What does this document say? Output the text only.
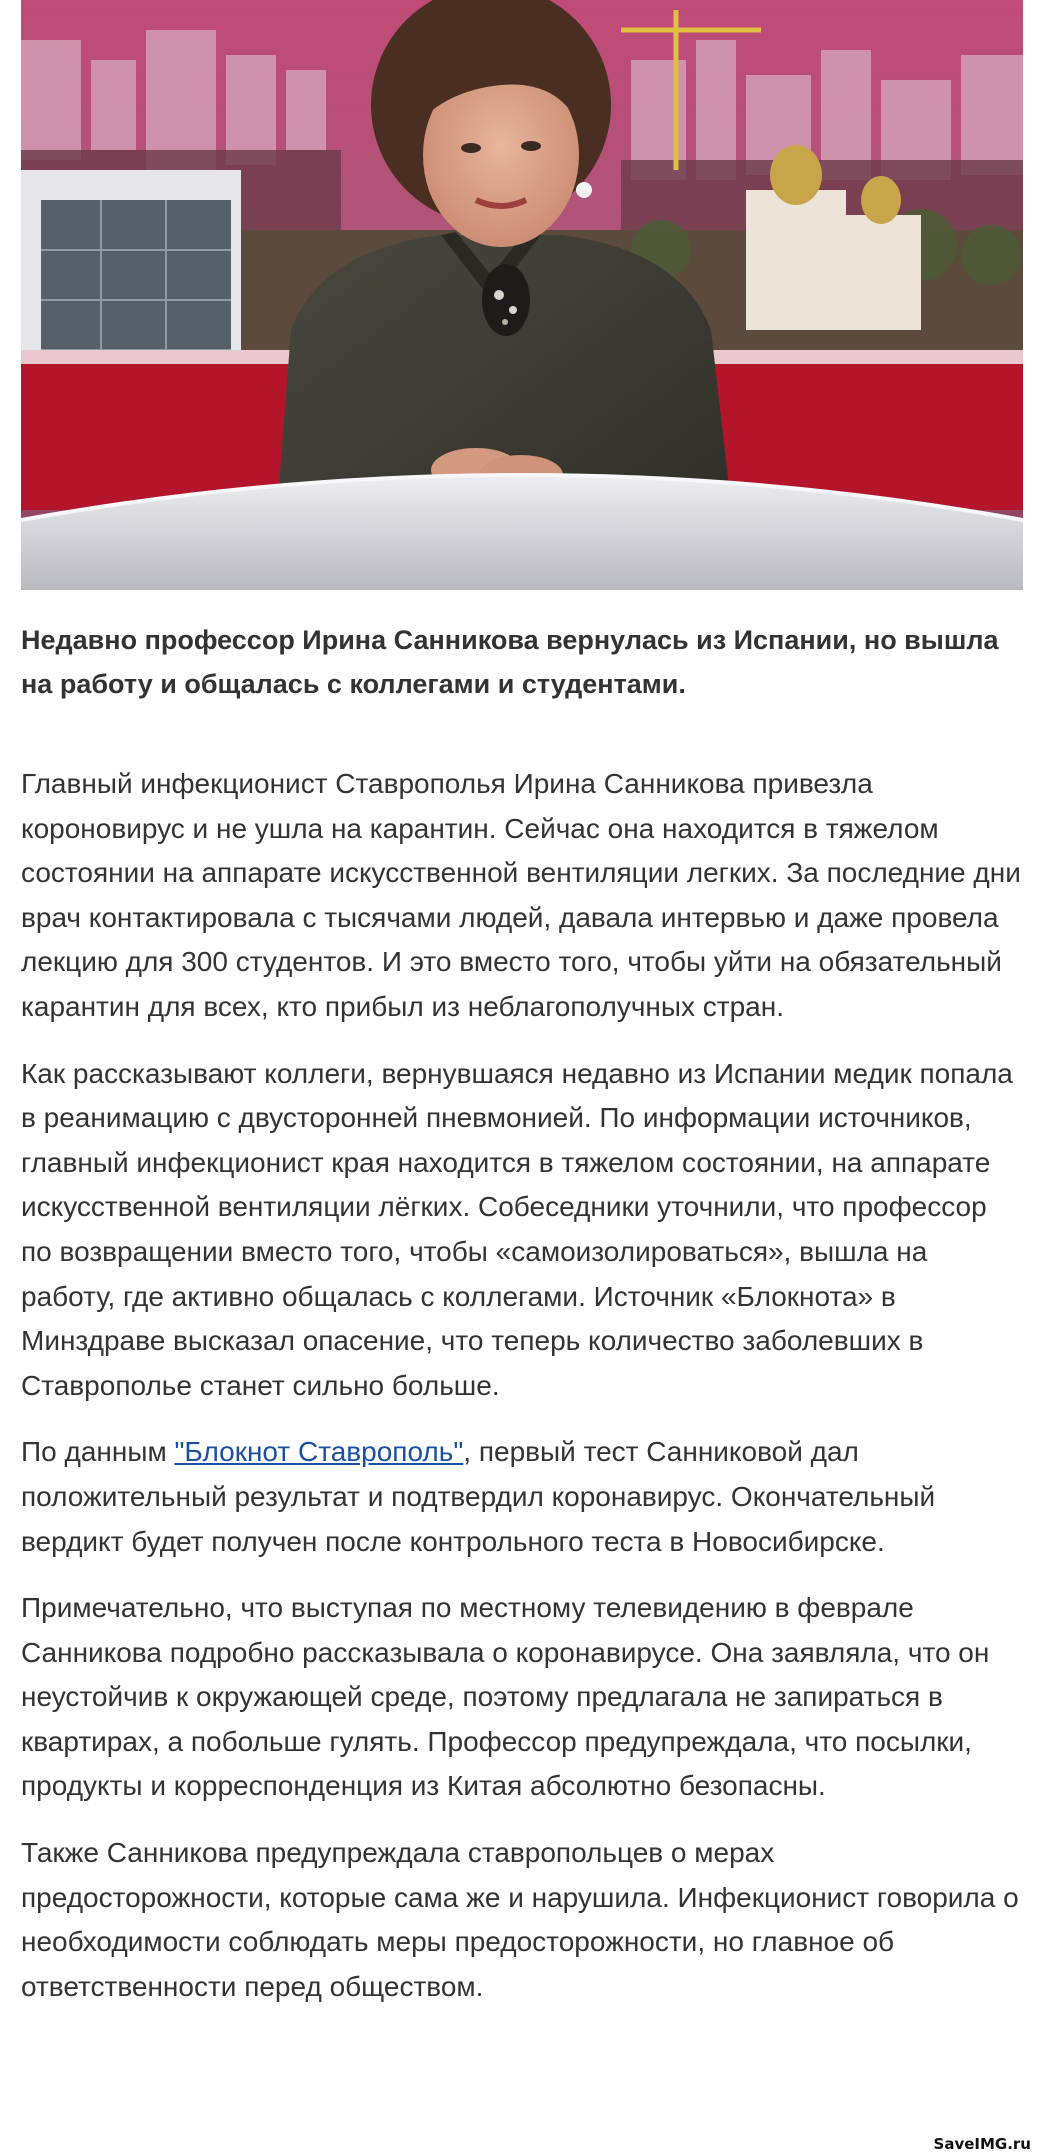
Недавно профессор Ирина Санникова вернулась из Испании, но вышла на работу и общалась с коллегами и студентами.

Главный инфекционист Ставрополья Ирина Санникова привезла короновирус и не ушла на карантин. Сейчас она находится в тяжелом состоянии на аппарате искусственной вентиляции легких. За последние дни врач контактировала с тысячами людей, давала интервью и даже провела лекцию для 300 студентов. И это вместо того, чтобы уйти на обязательный карантин для всех, кто прибыл из неблагополучных стран.

Как рассказывают коллеги, вернувшаяся недавно из Испании медик попала в реанимацию с двусторонней пневмонией. По информации источников, главный инфекционист края находится в тяжелом состоянии, на аппарате искусственной вентиляции лёгких. Собеседники уточнили, что профессор по возвращении вместо того, чтобы «самоизолироваться», вышла на работу, где активно общалась с коллегами. Источник «Блокнота» в Минздраве высказал опасение, что теперь количество заболевших в Ставрополье станет сильно больше.

По данным "Блокнот Ставрополь", первый тест Санниковой дал положительный результат и подтвердил коронавирус. Окончательный вердикт будет получен после контрольного теста в Новосибирске.

Примечательно, что выступая по местному телевидению в феврале Санникова подробно рассказывала о коронавирусе. Она заявляла, что он неустойчив к окружающей среде, поэтому предлагала не запираться в квартирах, а побольше гулять. Профессор предупреждала, что посылки, продукты и корреспонденция из Китая абсолютно безопасны.

Также Санникова предупреждала ставропольцев о мерах предосторожности, которые сама же и нарушила. Инфекционист говорила о необходимости соблюдать меры предосторожности, но главное об ответственности перед обществом.

SaveIMG.ru
